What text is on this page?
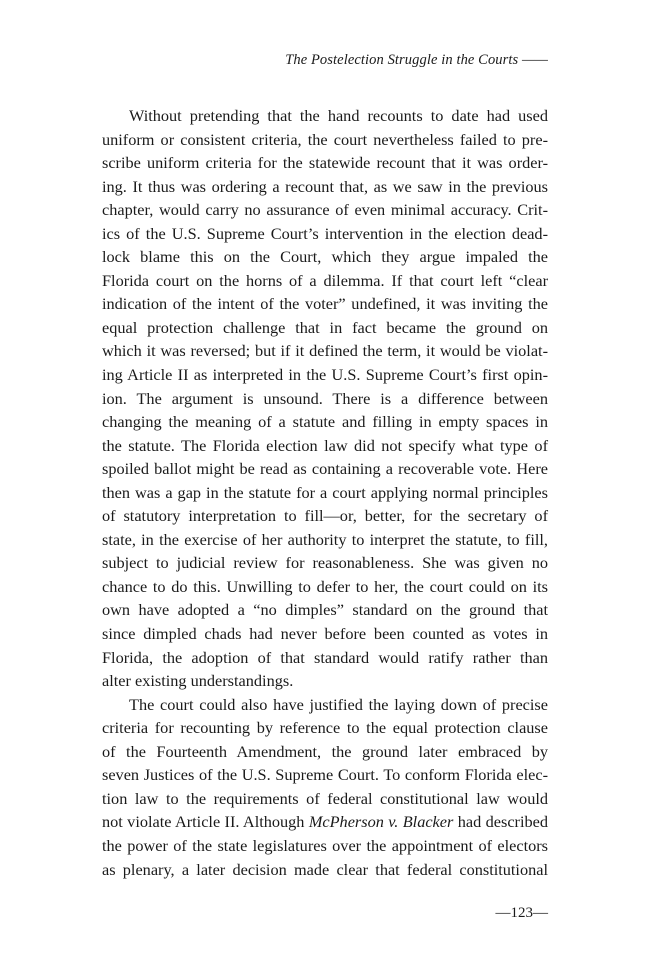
The Postelection Struggle in the Courts ——
Without pretending that the hand recounts to date had used
uniform or consistent criteria, the court nevertheless failed to pre-
scribe uniform criteria for the statewide recount that it was order-
ing. It thus was ordering a recount that, as we saw in the previous
chapter, would carry no assurance of even minimal accuracy. Crit-
ics of the U.S. Supreme Court’s intervention in the election dead-
lock blame this on the Court, which they argue impaled the
Florida court on the horns of a dilemma. If that court left “clear
indication of the intent of the voter” undefined, it was inviting the
equal protection challenge that in fact became the ground on
which it was reversed; but if it defined the term, it would be violat-
ing Article II as interpreted in the U.S. Supreme Court’s first opin-
ion. The argument is unsound. There is a difference between
changing the meaning of a statute and filling in empty spaces in
the statute. The Florida election law did not specify what type of
spoiled ballot might be read as containing a recoverable vote. Here
then was a gap in the statute for a court applying normal principles
of statutory interpretation to fill—or, better, for the secretary of
state, in the exercise of her authority to interpret the statute, to fill,
subject to judicial review for reasonableness. She was given no
chance to do this. Unwilling to defer to her, the court could on its
own have adopted a “no dimples” standard on the ground that
since dimpled chads had never before been counted as votes in
Florida, the adoption of that standard would ratify rather than
alter existing understandings.
The court could also have justified the laying down of precise
criteria for recounting by reference to the equal protection clause
of the Fourteenth Amendment, the ground later embraced by
seven Justices of the U.S. Supreme Court. To conform Florida elec-
tion law to the requirements of federal constitutional law would
not violate Article II. Although McPherson v. Blacker had described
the power of the state legislatures over the appointment of electors
as plenary, a later decision made clear that federal constitutional
—123—
